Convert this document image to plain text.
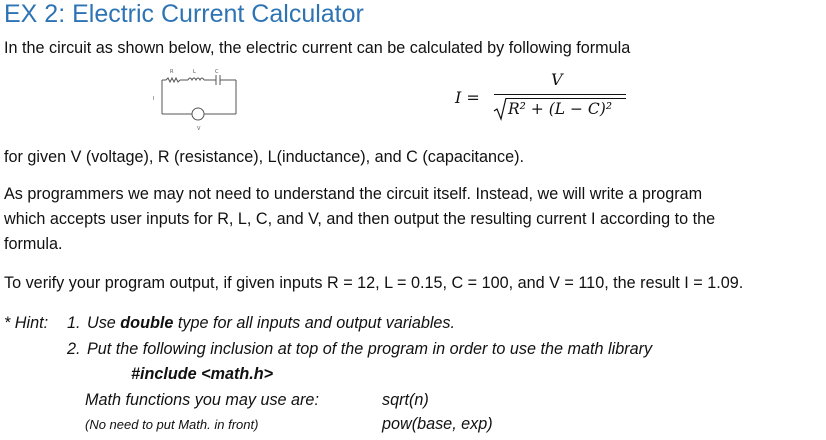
EX 2: Electric Current Calculator
In the circuit as shown below, the electric current can be calculated by following formula
R	L	C
V
I	I =
V
R² + (L − C)²
for given V (voltage), R (resistance), L(inductance), and C (capacitance).
As programmers we may not need to understand the circuit itself. Instead, we will write a program
which accepts user inputs for R, L, C, and V, and then output the resulting current I according to the
formula.
To verify your program output, if given inputs R = 12, L = 0.15, C = 100, and V = 110, the result I = 1.09.
* Hint: 1. Use double type for all inputs and output variables.
2. Put the following inclusion at top of the program in order to use the math library
#include <math.h>
Math functions you may use are:	sqrt(n)
(No need to put Math. in front)	pow(base, exp)
